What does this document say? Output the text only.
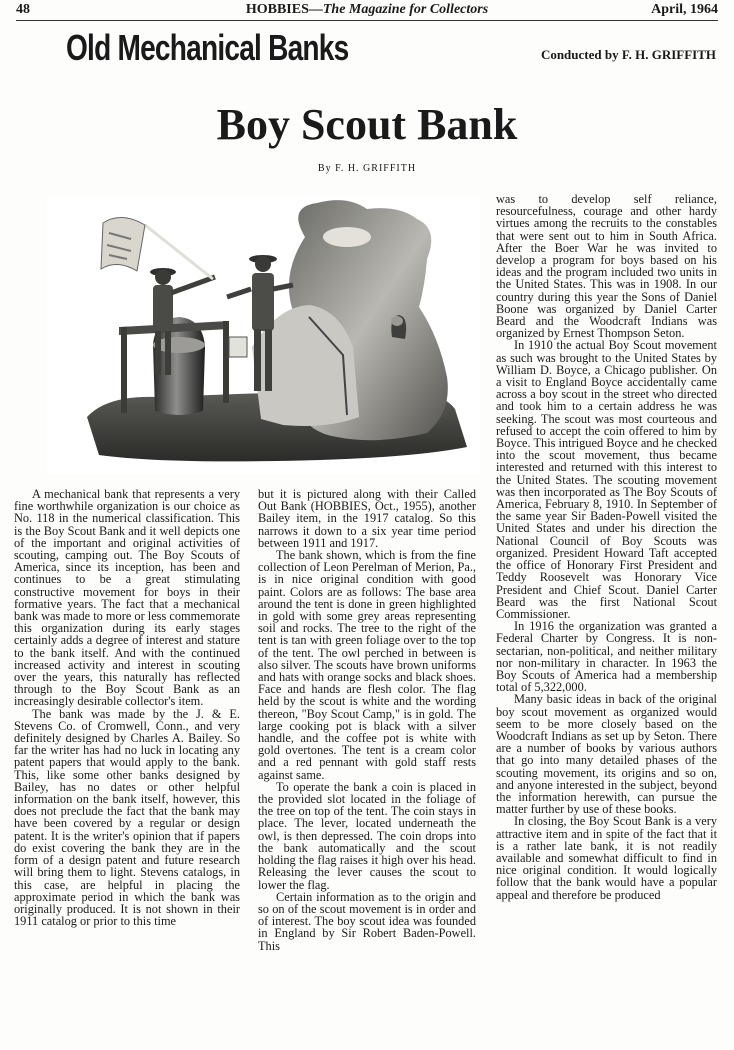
48	HOBBIES—The Magazine for Collectors	April, 1964
Old Mechanical Banks	Conducted by F. H. GRIFFITH
Boy Scout Bank
By F. H. GRIFFITH

A mechanical bank that represents a very fine worthwhile organization is our choice as No. 118 in the numerical classification. This is the Boy Scout Bank and it well depicts one of the important and original activities of scouting, camping out. The Boy Scouts of America, since its inception, has been and continues to be a great stimulating constructive movement for boys in their formative years. The fact that a mechanical bank was made to more or less commemorate this organization during its early stages certainly adds a degree of interest and stature to the bank itself. And with the continued increased activity and interest in scouting over the years, this naturally has reflected through to the Boy Scout Bank as an increasingly desirable collector's item.

The bank was made by the J. & E. Stevens Co. of Cromwell, Conn., and very definitely designed by Charles A. Bailey. So far the writer has had no luck in locating any patent papers that would apply to the bank. This, like some other banks designed by Bailey, has no dates or other helpful information on the bank itself, however, this does not preclude the fact that the bank may have been covered by a regular or design patent. It is the writer's opinion that if papers do exist covering the bank they are in the form of a design patent and future research will bring them to light. Stevens catalogs, in this case, are helpful in placing the approximate period in which the bank was originally produced. It is not shown in their 1911 catalog or prior to this time

but it is pictured along with their Called Out Bank (HOBBIES, Oct., 1955), another Bailey item, in the 1917 catalog. So this narrows it down to a six year time period between 1911 and 1917.

The bank shown, which is from the fine collection of Leon Perelman of Merion, Pa., is in nice original condition with good paint. Colors are as follows: The base area around the tent is done in green highlighted in gold with some grey areas representing soil and rocks. The tree to the right of the tent is tan with green foliage over to the top of the tent. The owl perched in between is also silver. The scouts have brown uniforms and hats with orange socks and black shoes. Face and hands are flesh color. The flag held by the scout is white and the wording thereon, "Boy Scout Camp," is in gold. The large cooking pot is black with a silver handle, and the coffee pot is white with gold overtones. The tent is a cream color and a red pennant with gold staff rests against same.

To operate the bank a coin is placed in the provided slot located in the foliage of the tree on top of the tent. The coin stays in place. The lever, located underneath the owl, is then depressed. The coin drops into the bank automatically and the scout holding the flag raises it high over his head. Releasing the lever causes the scout to lower the flag.

Certain information as to the origin and so on of the scout movement is in order and of interest. The boy scout idea was founded in England by Sir Robert Baden-Powell. This

was to develop self reliance, resourcefulness, courage and other hardy virtues among the recruits to the constables that were sent out to him in South Africa. After the Boer War he was invited to develop a program for boys based on his ideas and the program included two units in the United States. This was in 1908. In our country during this year the Sons of Daniel Boone was organized by Daniel Carter Beard and the Woodcraft Indians was organized by Ernest Thompson Seton.

In 1910 the actual Boy Scout movement as such was brought to the United States by William D. Boyce, a Chicago publisher. On a visit to England Boyce accidentally came across a boy scout in the street who directed and took him to a certain address he was seeking. The scout was most courteous and refused to accept the coin offered to him by Boyce. This intrigued Boyce and he checked into the scout movement, thus became interested and returned with this interest to the United States. The scouting movement was then incorporated as The Boy Scouts of America, February 8, 1910. In September of the same year Sir Baden-Powell visited the United States and under his direction the National Council of Boy Scouts was organized. President Howard Taft accepted the office of Honorary First President and Teddy Roosevelt was Honorary Vice President and Chief Scout. Daniel Carter Beard was the first National Scout Commissioner.

In 1916 the organization was granted a Federal Charter by Congress. It is non-sectarian, non-political, and neither military nor non-military in character. In 1963 the Boy Scouts of America had a membership total of 5,322,000.

Many basic ideas in back of the original boy scout movement as organized would seem to be more closely based on the Woodcraft Indians as set up by Seton. There are a number of books by various authors that go into many detailed phases of the scouting movement, its origins and so on, and anyone interested in the subject, beyond the information herewith, can pursue the matter further by use of these books.

In closing, the Boy Scout Bank is a very attractive item and in spite of the fact that it is a rather late bank, it is not readily available and somewhat difficult to find in nice original condition. It would logically follow that the bank would have a popular appeal and therefore be produced
